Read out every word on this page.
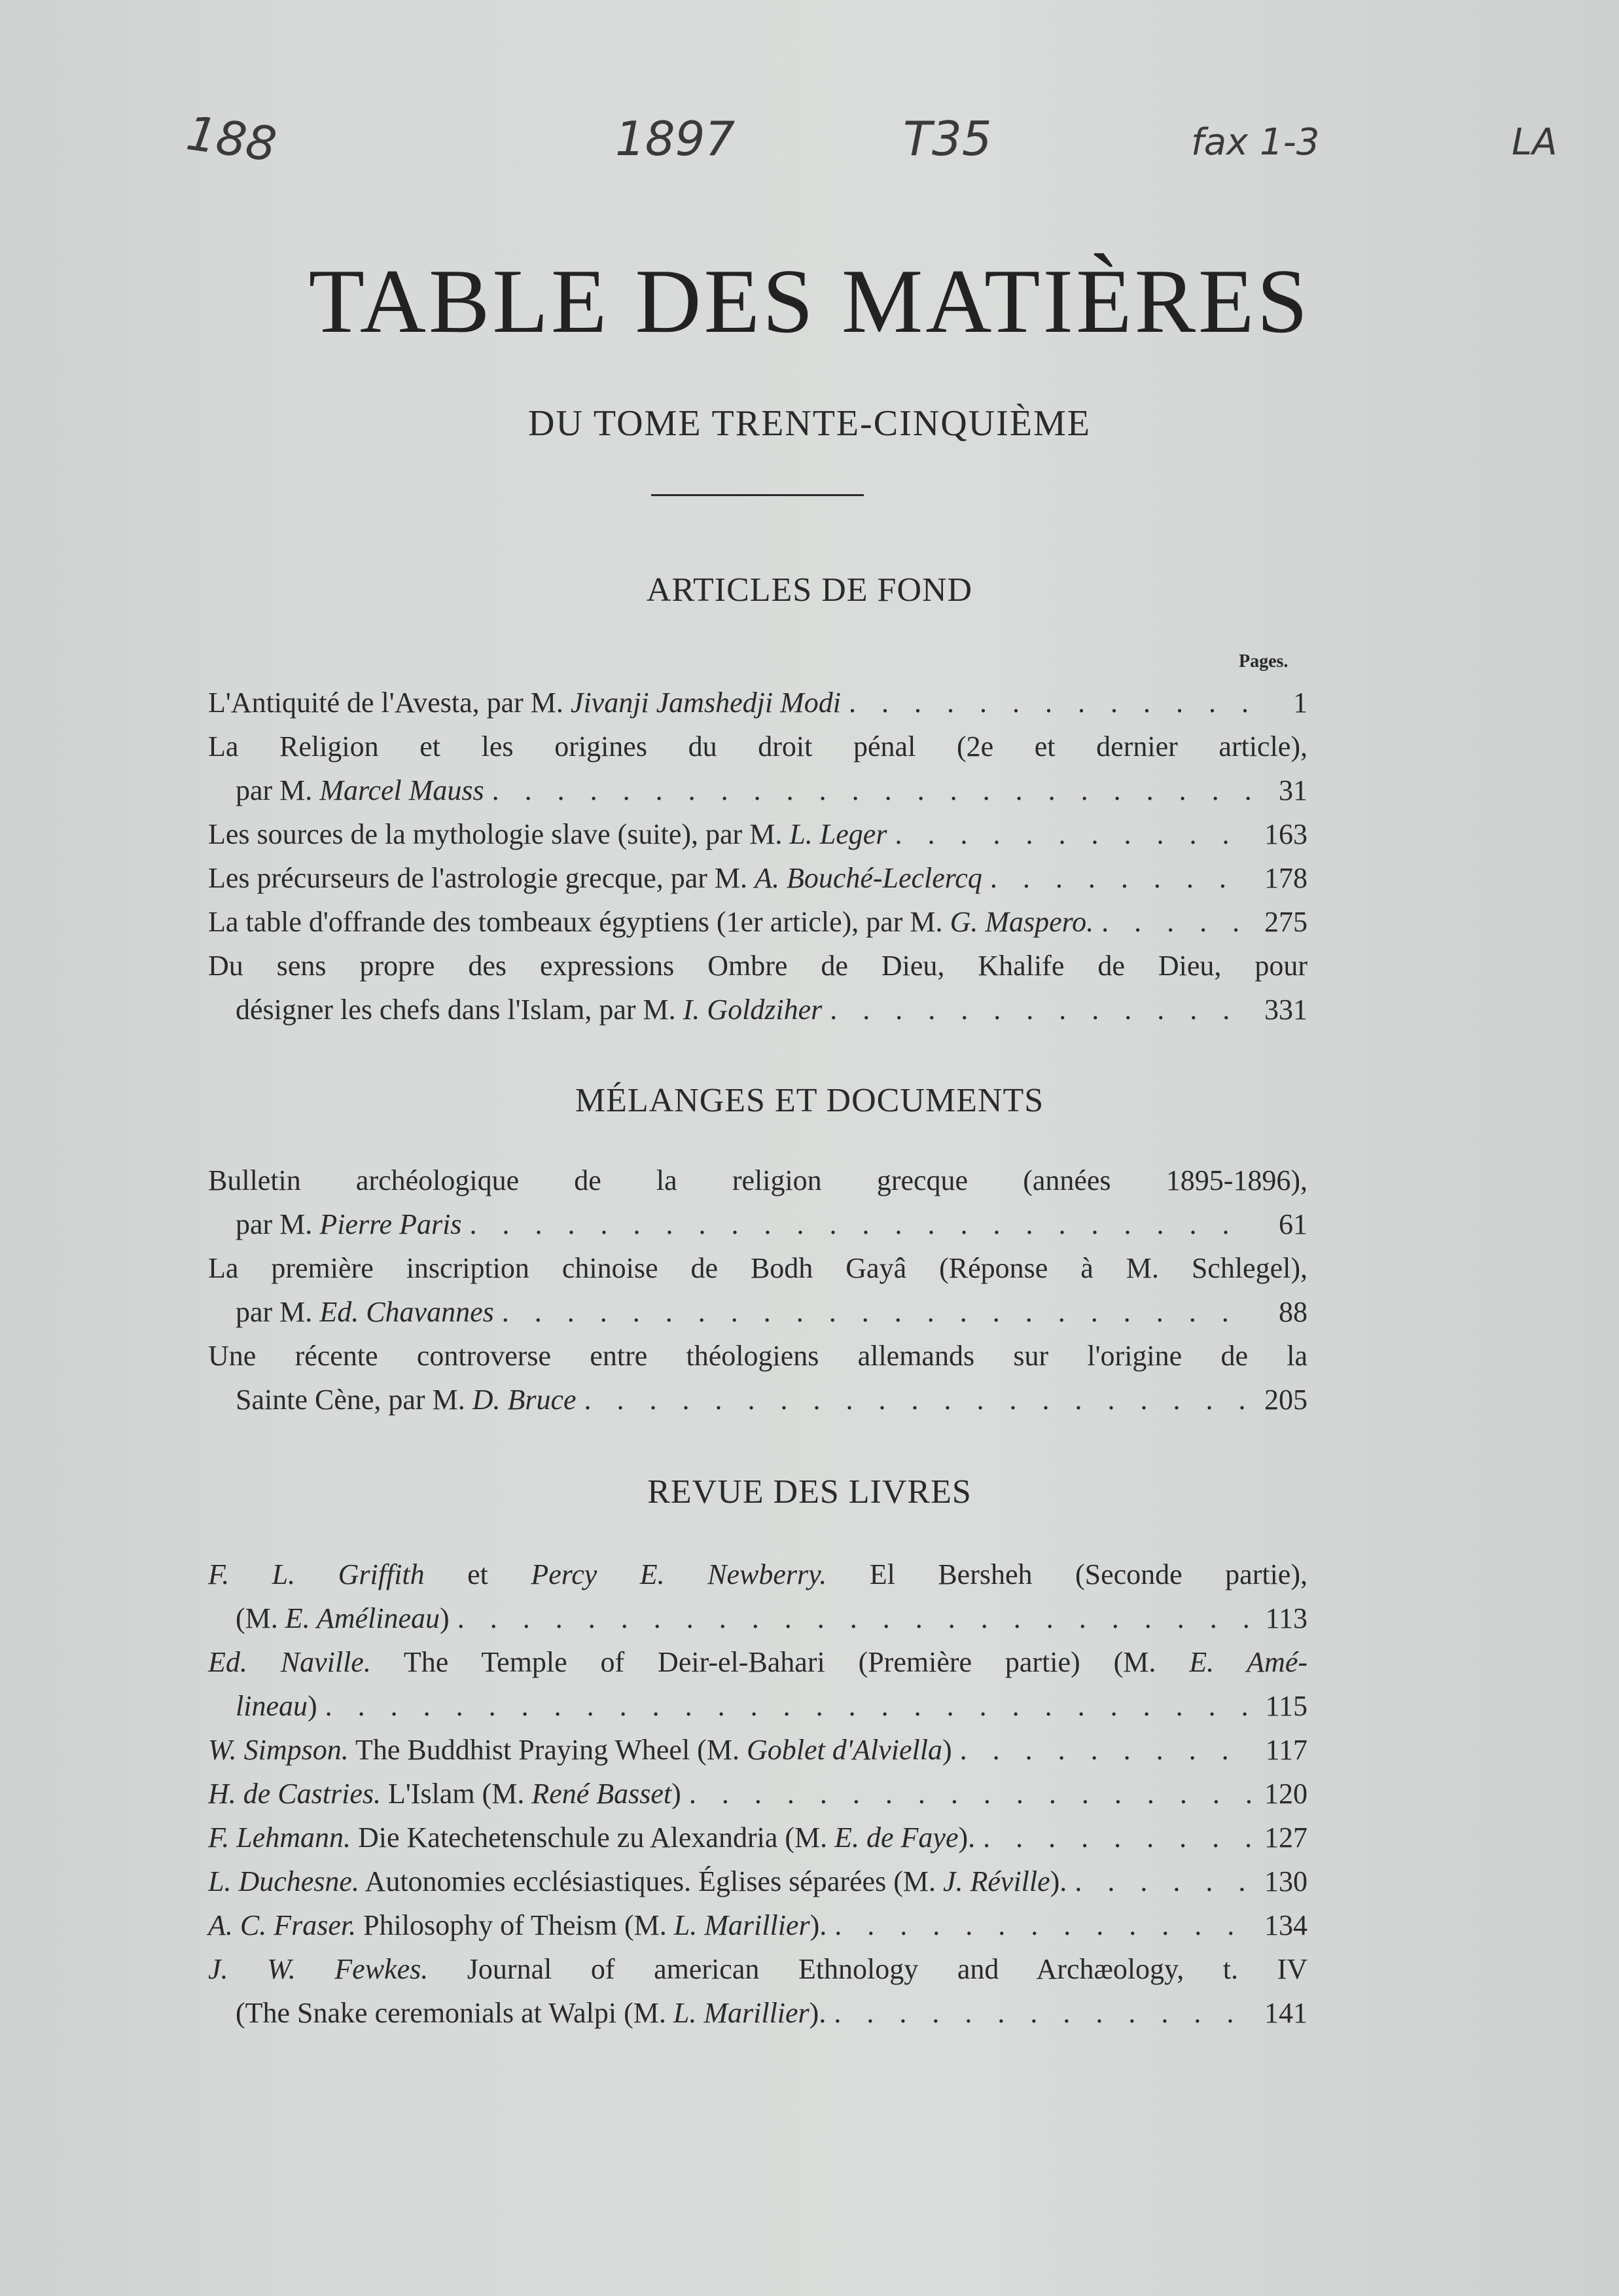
188	1897	T35	fax 1-3	LA
TABLE DES MATIÈRES
DU TOME TRENTE-CINQUIÈME
ARTICLES DE FOND
Pages.
L'Antiquité de l'Avesta, par M. Jivanji Jamshedji Modi . . .	1
La Religion et les origines du droit pénal (2e et dernier article),
par M. Marcel Mauss . . .	31
Les sources de la mythologie slave (suite), par M. L. Leger . . .	163
Les précurseurs de l'astrologie grecque, par M. A. Bouché-Leclercq . . .	178
La table d'offrande des tombeaux égyptiens (1er article), par M. G. Maspero. . . .	275
Du sens propre des expressions Ombre de Dieu, Khalife de Dieu, pour
désigner les chefs dans l'Islam, par M. I. Goldziher . . .	331
MÉLANGES ET DOCUMENTS
Bulletin archéologique de la religion grecque (années 1895-1896),
par M. Pierre Paris . . .	61
La première inscription chinoise de Bodh Gayâ (Réponse à M. Schlegel),
par M. Ed. Chavannes . . .	88
Une récente controverse entre théologiens allemands sur l'origine de la
Sainte Cène, par M. D. Bruce . . .	205
REVUE DES LIVRES
F. L. Griffith et Percy E. Newberry. El Bersheh (Seconde partie),
(M. E. Amélineau) . . .	113
Ed. Naville. The Temple of Deir-el-Bahari (Première partie) (M. E. Amé-
lineau) . . .	115
W. Simpson. The Buddhist Praying Wheel (M. Goblet d'Alviella) . . .	117
H. de Castries. L'Islam (M. René Basset) . . .	120
F. Lehmann. Die Katechetenschule zu Alexandria (M. E. de Faye). . . .	127
L. Duchesne. Autonomies ecclésiastiques. Églises séparées (M. J. Réville). . . .	130
A. C. Fraser. Philosophy of Theism (M. L. Marillier). . . .	134
J. W. Fewkes. Journal of american Ethnology and Archæology, t. IV
(The Snake ceremonials at Walpi (M. L. Marillier). . . .	141
